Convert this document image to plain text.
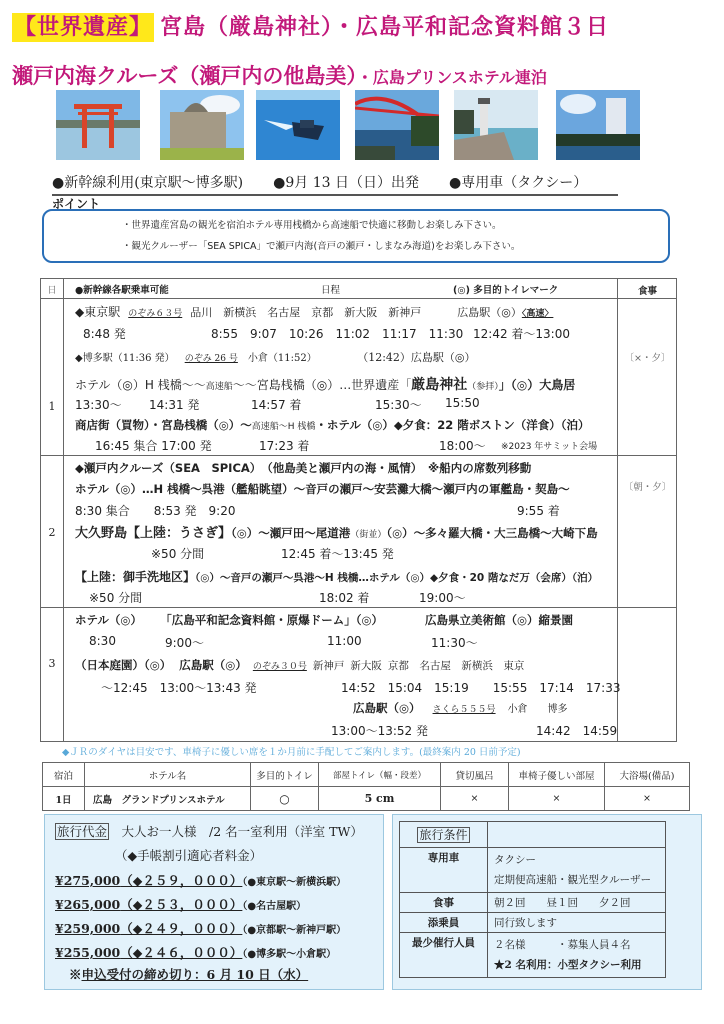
【世界遺産】 宮島（厳島神社）・広島平和記念資料館３日
瀬戸内海クルーズ（瀬戸内の他島美）・広島プリンスホテル連泊
●新幹線利用(東京駅～博多駅) ●9月 13 日（日）出発 ●専用車（タクシー）
ポイント
・世界遺産宮島の観光を宿泊ホテル専用桟橋から高速船で快適に移動しお楽しみ下さい。
・観光クルーザー「SEA SPICA」で瀬戸内海(音戸の瀬戸・しまなみ海道)をお楽しみ下さい。
日	●新幹線各駅乗車可能	日程	(◎) 多目的トイレマーク	食事
1
〔×・夕〕
◆東京駅 のぞみ６３号 品川　新横浜　名古屋　京都　新大阪　新神戸	広島駅（◎）〈高速〉
8:48 発	8:55　9:07　10:26　11:02　11:17　11:30 12:42 着～13:00
◆博多駅（11:36 発） のぞみ 26 号 小倉（11:52）	（12:42）広島駅（◎）
ホテル（◎）H 桟橋～～高速船～～宮島桟橋（◎）…世界遺産「厳島神社（参拝）」（◎）大鳥居
13:30～ 14:31 発	14:57 着	15:30～ 15:50
商店街（買物）・宮島桟橋（◎）～高速船～H 桟橋・ホテル（◎）◆夕食：22 階ボストン（洋食）（泊）
16:45 集合 17:00 発	17:23 着	18:00～ ※2023 年サミット会場
2
〔朝・夕〕
◆瀬戸内クルーズ（SEA　SPICA）　（他島美と瀬戸内の海・風情）　※船内の席数列移動
ホテル（◎）…H 桟橋～呉港（艦船眺望）～音戸の瀬戸～安芸灘大橋～瀬戸内の軍艦島・契島～
8:30 集合　　8:53 発　9:20	9:55 着
大久野島【上陸：うさぎ】（◎）～瀬戸田～尾道港（街並）（◎）～多々羅大橋・大三島橋～大崎下島
※50 分間	12:45 着～13:45 発
【上陸：御手洗地区】（◎）～音戸の瀬戸～呉港～H 桟橋…ホテル（◎）◆夕食・20 階なだ万（会席）（泊）
※50 分間	18:02 着	19:00～
3
ホテル（◎） 「広島平和記念資料館・原爆ドーム」（◎）	広島県立美術館（◎）縮景園
8:30	9:00～	11:00	11:30～
（日本庭園）（◎） 広島駅（◎） のぞみ３０号 新神戸 新大阪 京都　名古屋　新横浜　東京
～12:45　13:00～13:43 発	14:52　15:04　15:19　　15:55　17:14　17:33
広島駅（◎） さくら５５５号 小倉　　博多
13:00～13:52 発	14:42　14:59
◆ＪＲのダイヤは目安です、車椅子に優しい席を１か月前に手配してご案内します。(最終案内 20 日前予定)
宿泊	ホテル名	多目的トイレ	部屋トイレ（幅・段差）	貸切風呂	車椅子優しい部屋	大浴場(備品)
1日	広島　グランドプリンスホテル	○	5 cm	×	×	×
旅行代金　 大人お一人様　/2 名一室利用（洋室 TW）
（◆手帳割引適応者料金）
¥275,000（◆２５９，０００）（●東京駅～新横浜駅）
¥265,000（◆２５３，０００）（●名古屋駅）
¥259,000（◆２４９，０００）（●京都駅～新神戸駅）
¥255,000（◆２４６，０００）（●博多駅～小倉駅）
※申込受付の締め切り：6 月 10 日（水）
旅行条件	
専用車	タクシー
定期便高速船・観光型クルーザー

食事	朝２回　　昼１回　　夕２回
添乗員	同行致します
最少催行人員	２名様　　　・募集人員４名
★2 名利用：小型タクシー利用
